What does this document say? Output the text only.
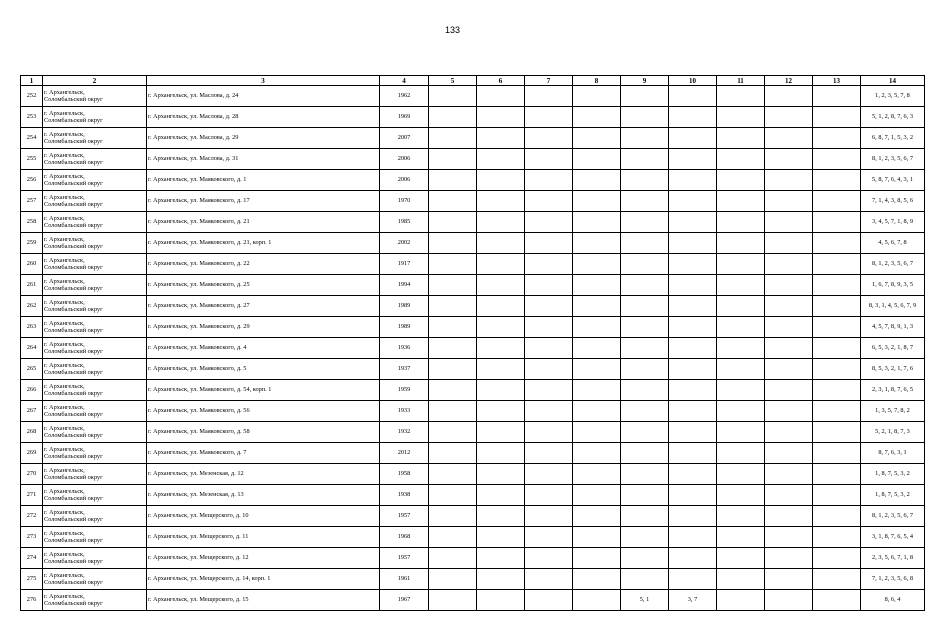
133
1	2	3	4	5	6	7	8	9	10	11	12	13	14
252	г. Архангельск,
Соломбальский округ	г. Архангельск, ул. Маслова, д. 24	1962										1, 2, 3, 5, 7, 8
253	г. Архангельск,
Соломбальский округ	г. Архангельск, ул. Маслова, д. 28	1969										5, 1, 2, 8, 7, 6, 3
254	г. Архангельск,
Соломбальский округ	г. Архангельск, ул. Маслова, д. 29	2007										6, 8, 7, 1, 5, 3, 2
255	г. Архангельск,
Соломбальский округ	г. Архангельск, ул. Маслова, д. 31	2006										8, 1, 2, 3, 5, 6, 7
256	г. Архангельск,
Соломбальский округ	г. Архангельск, ул. Маяковского, д. 1	2006										5, 8, 7, 6, 4, 3, 1
257	г. Архангельск,
Соломбальский округ	г. Архангельск, ул. Маяковского, д. 17	1970										7, 1, 4, 3, 8, 5, 6
258	г. Архангельск,
Соломбальский округ	г. Архангельск, ул. Маяковского, д. 21	1985										3, 4, 5, 7, 1, 8, 9
259	г. Архангельск,
Соломбальский округ	г. Архангельск, ул. Маяковского, д. 21, корп. 1	2002										4, 5, 6, 7, 8
260	г. Архангельск,
Соломбальский округ	г. Архангельск, ул. Маяковского, д. 22	1917										8, 1, 2, 3, 5, 6, 7
261	г. Архангельск,
Соломбальский округ	г. Архангельск, ул. Маяковского, д. 25	1994										1, 6, 7, 8, 9, 3, 5
262	г. Архангельск,
Соломбальский округ	г. Архангельск, ул. Маяковского, д. 27	1989										8, 3, 1, 4, 5, 6, 7, 9
263	г. Архангельск,
Соломбальский округ	г. Архангельск, ул. Маяковского, д. 29	1989										4, 5, 7, 8, 9, 1, 3
264	г. Архангельск,
Соломбальский округ	г. Архангельск, ул. Маяковского, д. 4	1936										6, 5, 3, 2, 1, 8, 7
265	г. Архангельск,
Соломбальский округ	г. Архангельск, ул. Маяковского, д. 5	1937										8, 5, 3, 2, 1, 7, 6
266	г. Архангельск,
Соломбальский округ	г. Архангельск, ул. Маяковского, д. 54, корп. 1	1959										2, 3, 1, 8, 7, 6, 5
267	г. Архангельск,
Соломбальский округ	г. Архангельск, ул. Маяковского, д. 56	1933										1, 3, 5, 7, 8, 2
268	г. Архангельск,
Соломбальский округ	г. Архангельск, ул. Маяковского, д. 58	1932										5, 2, 1, 8, 7, 3
269	г. Архангельск,
Соломбальский округ	г. Архангельск, ул. Маяковского, д. 7	2012										8, 7, 6, 3, 1
270	г. Архангельск,
Соломбальский округ	г. Архангельск, ул. Мезенская, д. 12	1958										1, 8, 7, 5, 3, 2
271	г. Архангельск,
Соломбальский округ	г. Архангельск, ул. Мезенская, д. 13	1938										1, 8, 7, 5, 3, 2
272	г. Архангельск,
Соломбальский округ	г. Архангельск, ул. Мещерского, д. 10	1957										8, 1, 2, 3, 5, 6, 7
273	г. Архангельск,
Соломбальский округ	г. Архангельск, ул. Мещерского, д. 11	1968										3, 1, 8, 7, 6, 5, 4
274	г. Архангельск,
Соломбальский округ	г. Архангельск, ул. Мещерского, д. 12	1957										2, 3, 5, 6, 7, 1, 8
275	г. Архангельск,
Соломбальский округ	г. Архангельск, ул. Мещерского, д. 14, корп. 1	1961										7, 1, 2, 3, 5, 6, 8
276	г. Архангельск,
Соломбальский округ	г. Архангельск, ул. Мещерского, д. 15	1967					5, 1	3, 7				8, 6, 4
